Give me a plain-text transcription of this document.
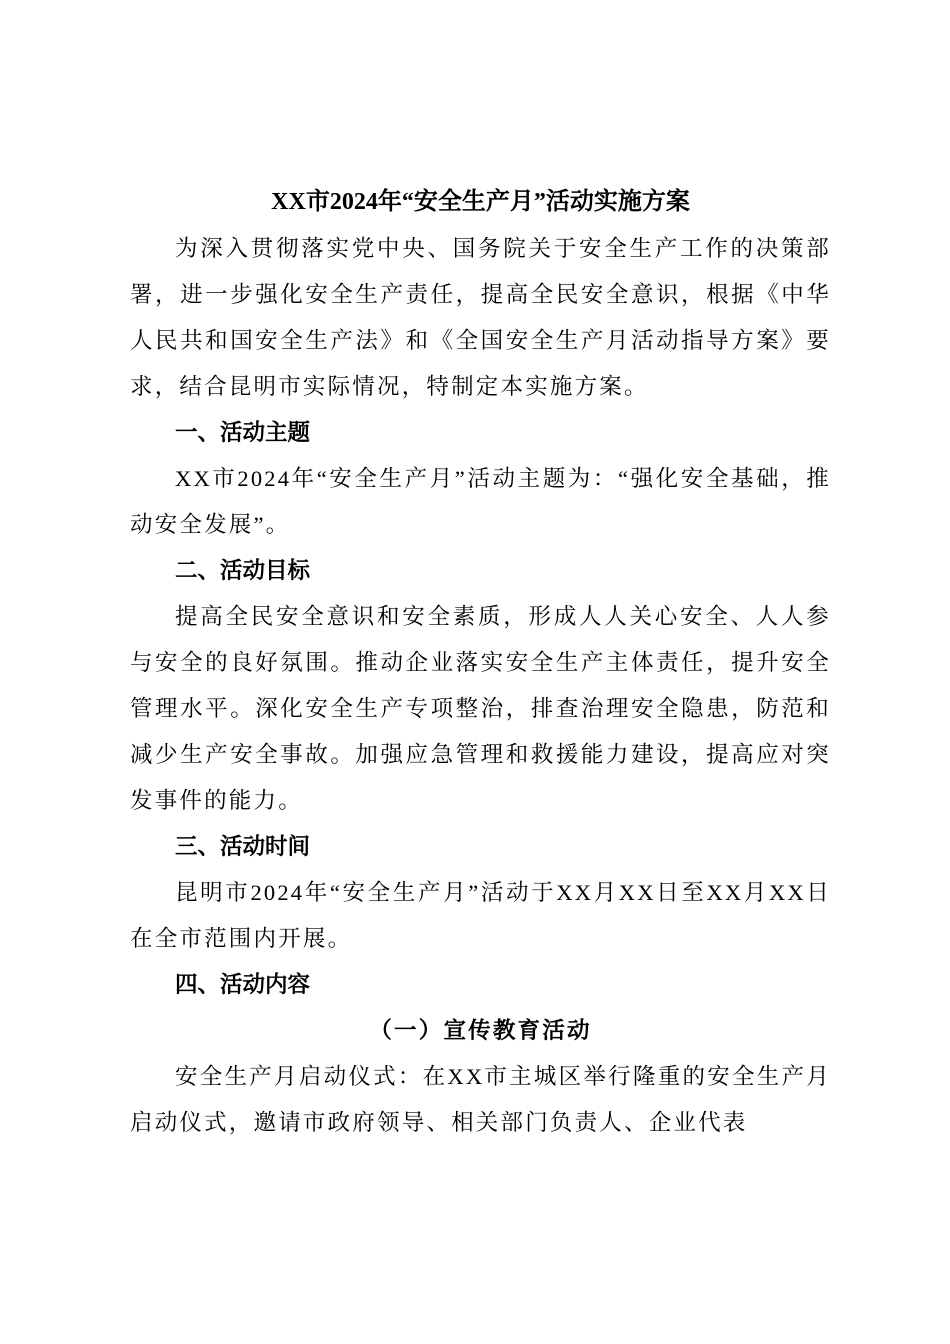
XX市2024年“安全生产月”活动实施方案

为深入贯彻落实党中央、国务院关于安全生产工作的决策部署，进一步强化安全生产责任，提高全民安全意识，根据《中华人民共和国安全生产法》和《全国安全生产月活动指导方案》要求，结合昆明市实际情况，特制定本实施方案。

一、活动主题

XX市2024年“安全生产月”活动主题为：“强化安全基础，推动安全发展”。

二、活动目标

提高全民安全意识和安全素质，形成人人关心安全、人人参与安全的良好氛围。推动企业落实安全生产主体责任，提升安全管理水平。深化安全生产专项整治，排查治理安全隐患，防范和减少生产安全事故。加强应急管理和救援能力建设，提高应对突发事件的能力。

三、活动时间

昆明市2024年“安全生产月”活动于XX月XX日至XX月XX日在全市范围内开展。

四、活动内容
（一）宣传教育活动

安全生产月启动仪式：在XX市主城区举行隆重的安全生产月启动仪式，邀请市政府领导、相关部门负责人、企业代表
